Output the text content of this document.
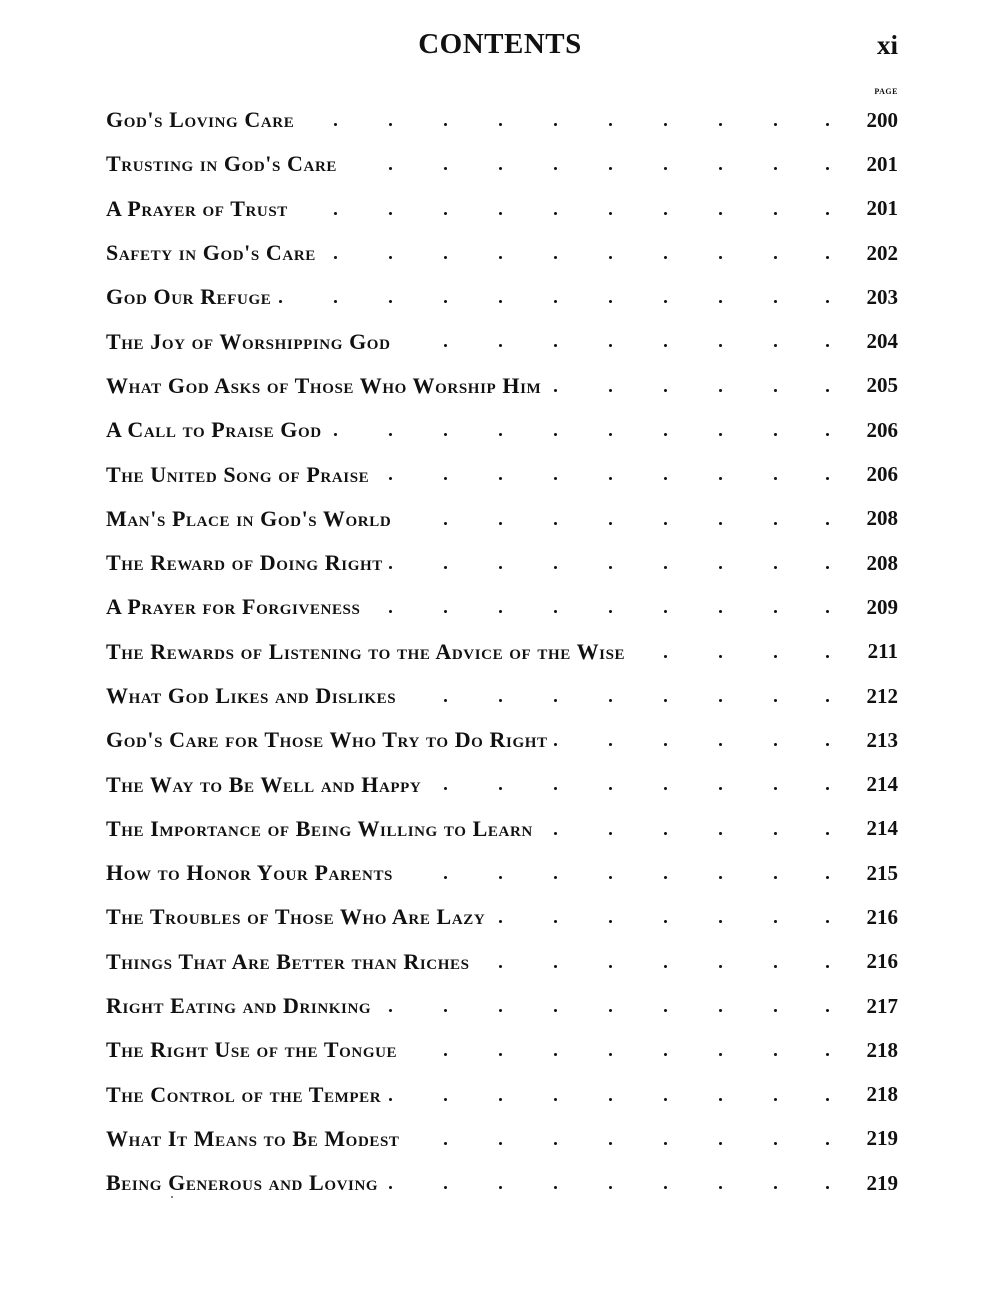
CONTENTS	xi
PAGE
God's Loving Care	200
Trusting in God's Care	201
A Prayer of Trust	201
Safety in God's Care	202
God Our Refuge	203
The Joy of Worshipping God	204
What God Asks of Those Who Worship Him	205
A Call to Praise God	206
The United Song of Praise	206
Man's Place in God's World	208
The Reward of Doing Right	208
A Prayer for Forgiveness	209
The Rewards of Listening to the Advice of the Wise	211
What God Likes and Dislikes	212
God's Care for Those Who Try to Do Right	213
The Way to Be Well and Happy	214
The Importance of Being Willing to Learn	214
How to Honor Your Parents	215
The Troubles of Those Who Are Lazy	216
Things That Are Better than Riches	216
Right Eating and Drinking	217
The Right Use of the Tongue	218
The Control of the Temper	218
What It Means to Be Modest	219
Being Generous and Loving	219
